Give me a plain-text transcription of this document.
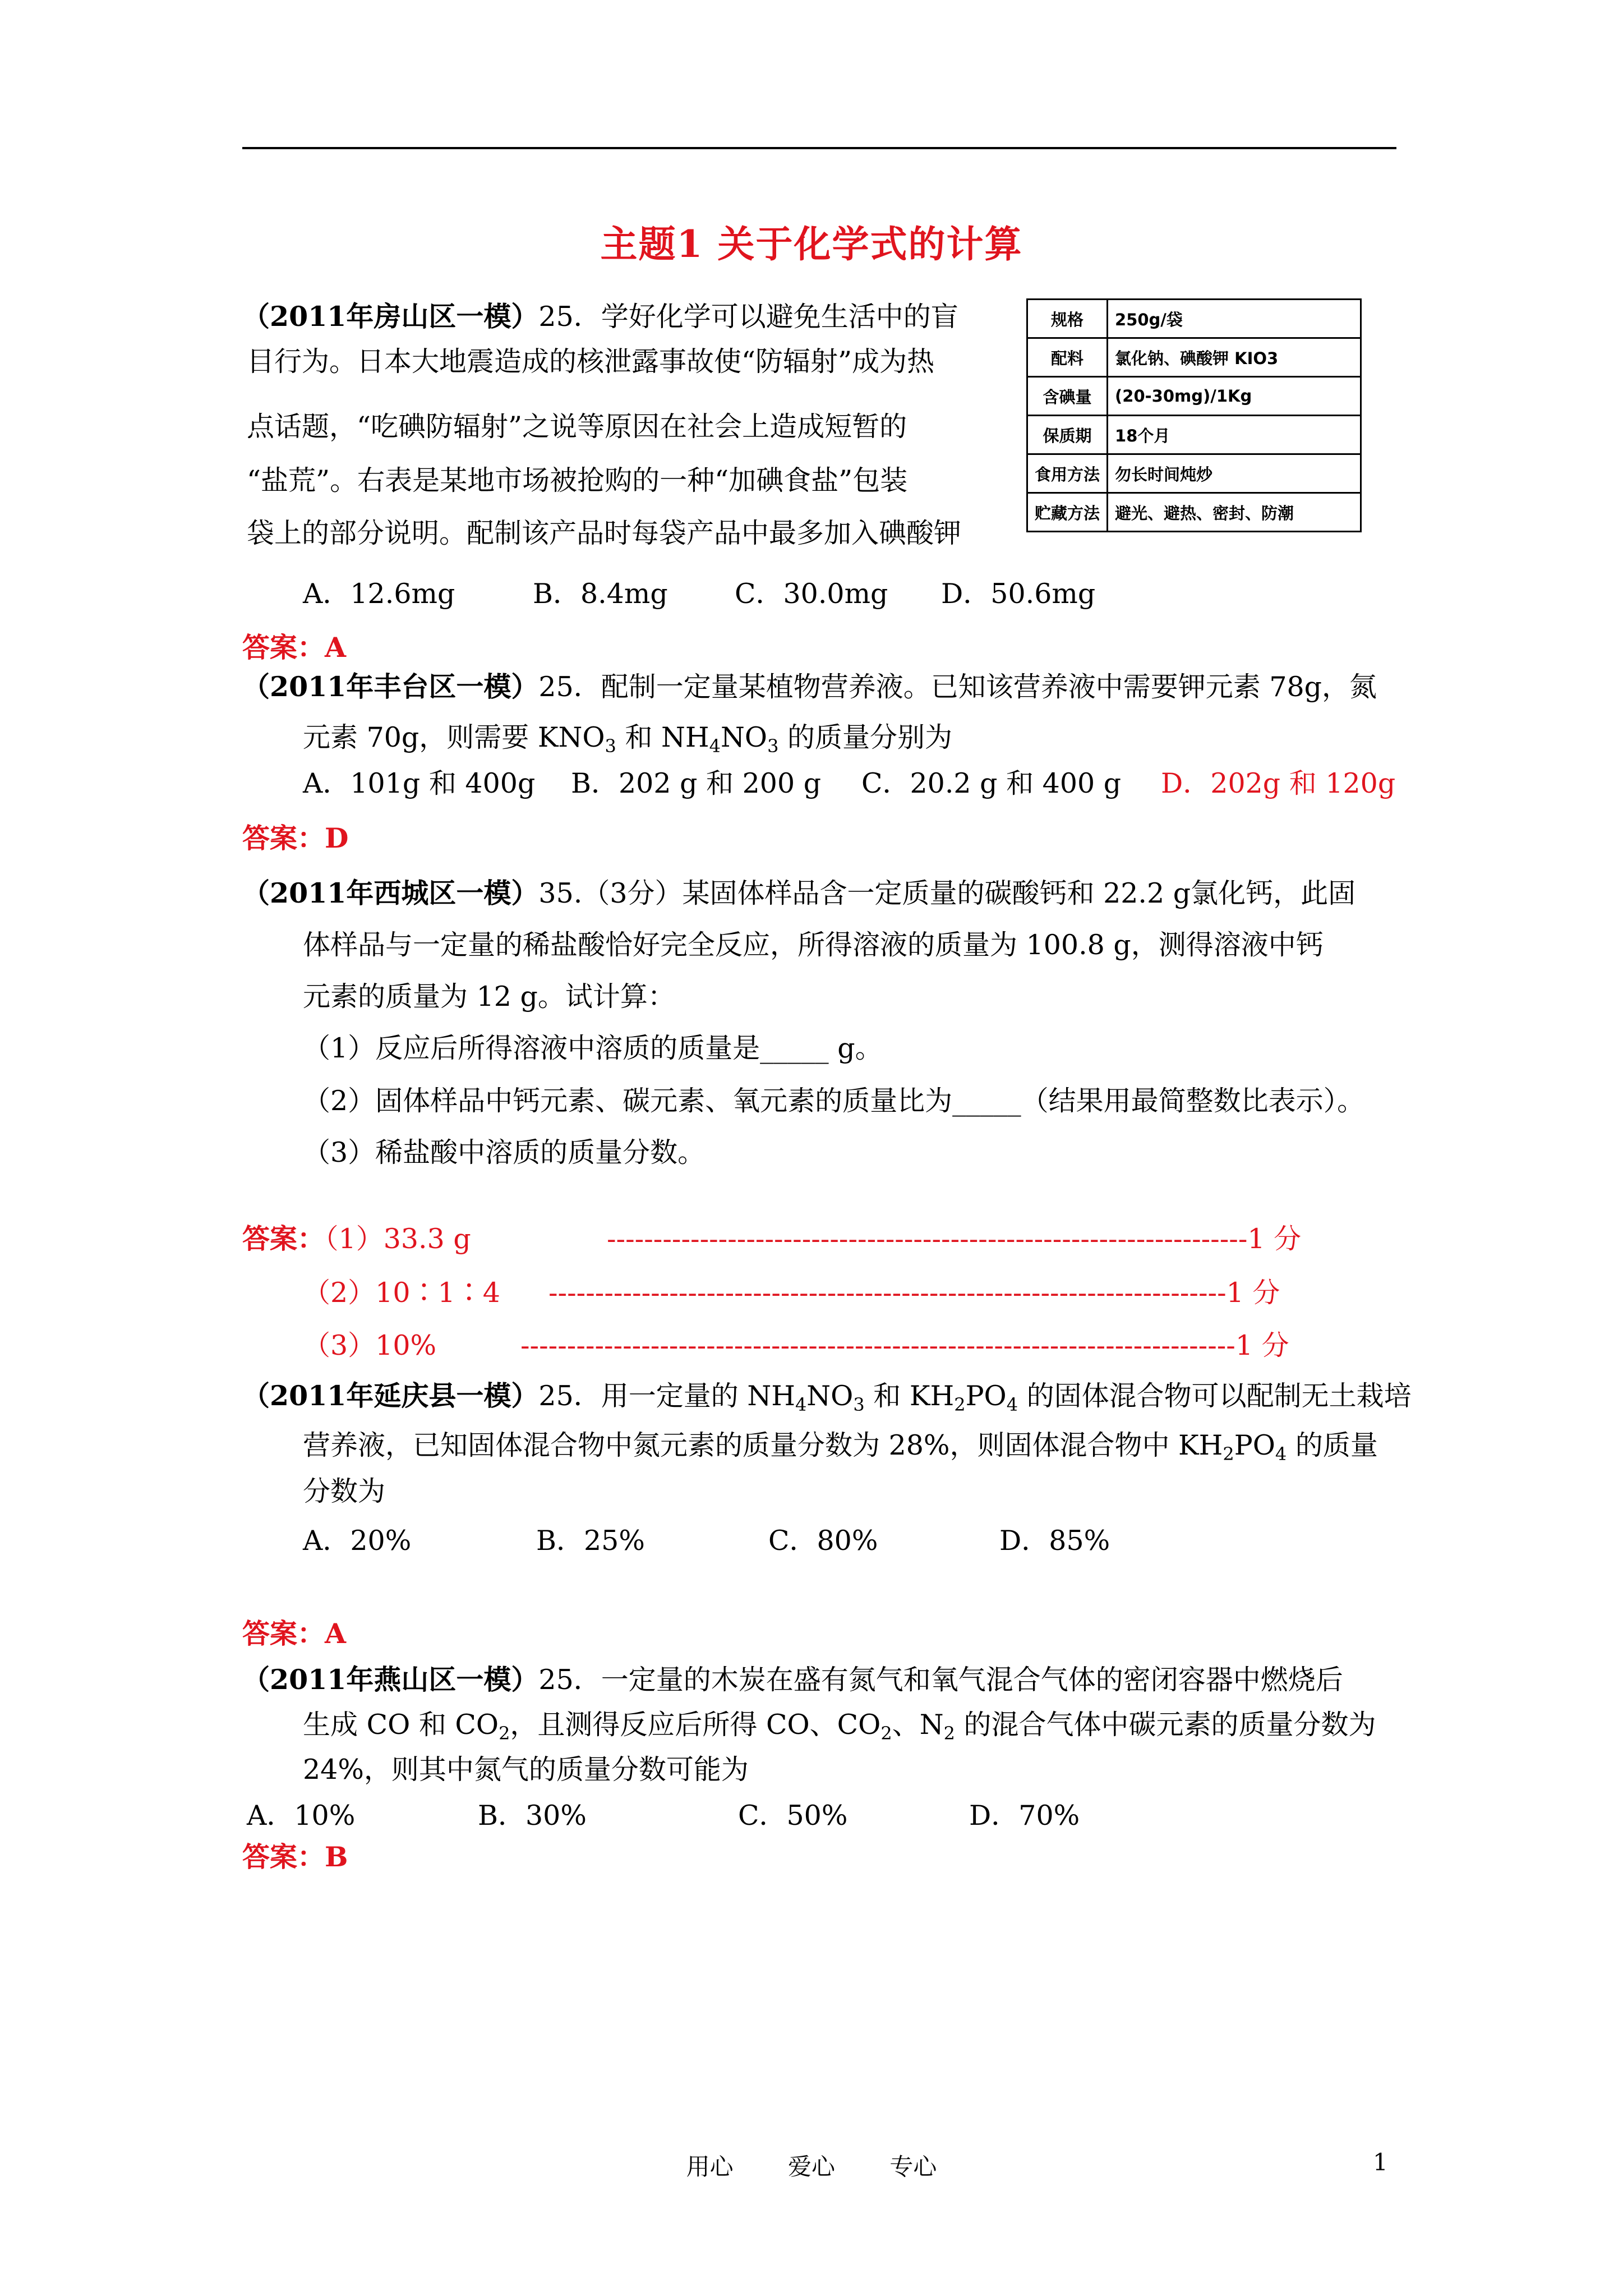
主题1 关于化学式的计算
（2011年房山区一模）25．学好化学可以避免生活中的盲
目行为。日本大地震造成的核泄露事故使“防辐射”成为热
点话题，“吃碘防辐射”之说等原因在社会上造成短暂的
“盐荒”。右表是某地市场被抢购的一种“加碘食盐”包装
袋上的部分说明。配制该产品时每袋产品中最多加入碘酸钾
规格	250g/袋
配料	氯化钠、碘酸钾 KIO3
含碘量	(20-30mg)/1Kg
保质期	18个月
食用方法	勿长时间炖炒
贮藏方法	避光、避热、密封、防潮
A．12.6mg	B．8.4mg C．30.0mg D．50.6mg
答案：A
（2011年丰台区一模）25．配制一定量某植物营养液。已知该营养液中需要钾元素 78g，氮
元素 70g，则需要 $KNO_3$ 和 $NH_4NO_3$ 的质量分别为
A．101g 和 400g B．202 g 和 200 g C．20.2 g 和 400 g D．202g 和 120g
答案：D
（2011年西城区一模）35.（3分）某固体样品含一定质量的碳酸钙和 22.2 g氯化钙，此固
体样品与一定量的稀盐酸恰好完全反应，所得溶液的质量为 100.8 g，测得溶液中钙
元素的质量为 12 g。试计算：
（1）反应后所得溶液中溶质的质量是_____ g。
（2）固体样品中钙元素、碳元素、氧元素的质量比为_____（结果用最简整数比表示）。
（3）稀盐酸中溶质的质量分数。
答案：（1）33.3 g	---------------------------------------------------------------------1 分
（2）10∶1∶4 -------------------------------------------------------------------------1 分
（3）10%	-----------------------------------------------------------------------------1 分
（2011年延庆县一模）25．用一定量的 $NH_4NO_3$ 和 $KH_2PO_4$ 的固体混合物可以配制无土栽培
营养液，已知固体混合物中氮元素的质量分数为 28%，则固体混合物中 $KH_2PO_4$ 的质量
分数为
A．20%	B．25%	C．80%	D．85%
答案：A
（2011年燕山区一模）25．一定量的木炭在盛有氮气和氧气混合气体的密闭容器中燃烧后
生成 CO 和 $CO_2$，且测得反应后所得 CO、$CO_2$、$N_2$ 的混合气体中碳元素的质量分数为
24%，则其中氮气的质量分数可能为
A．10%	B．30%	C．50%	D．70%
答案：B
用心 爱心 专心	1
